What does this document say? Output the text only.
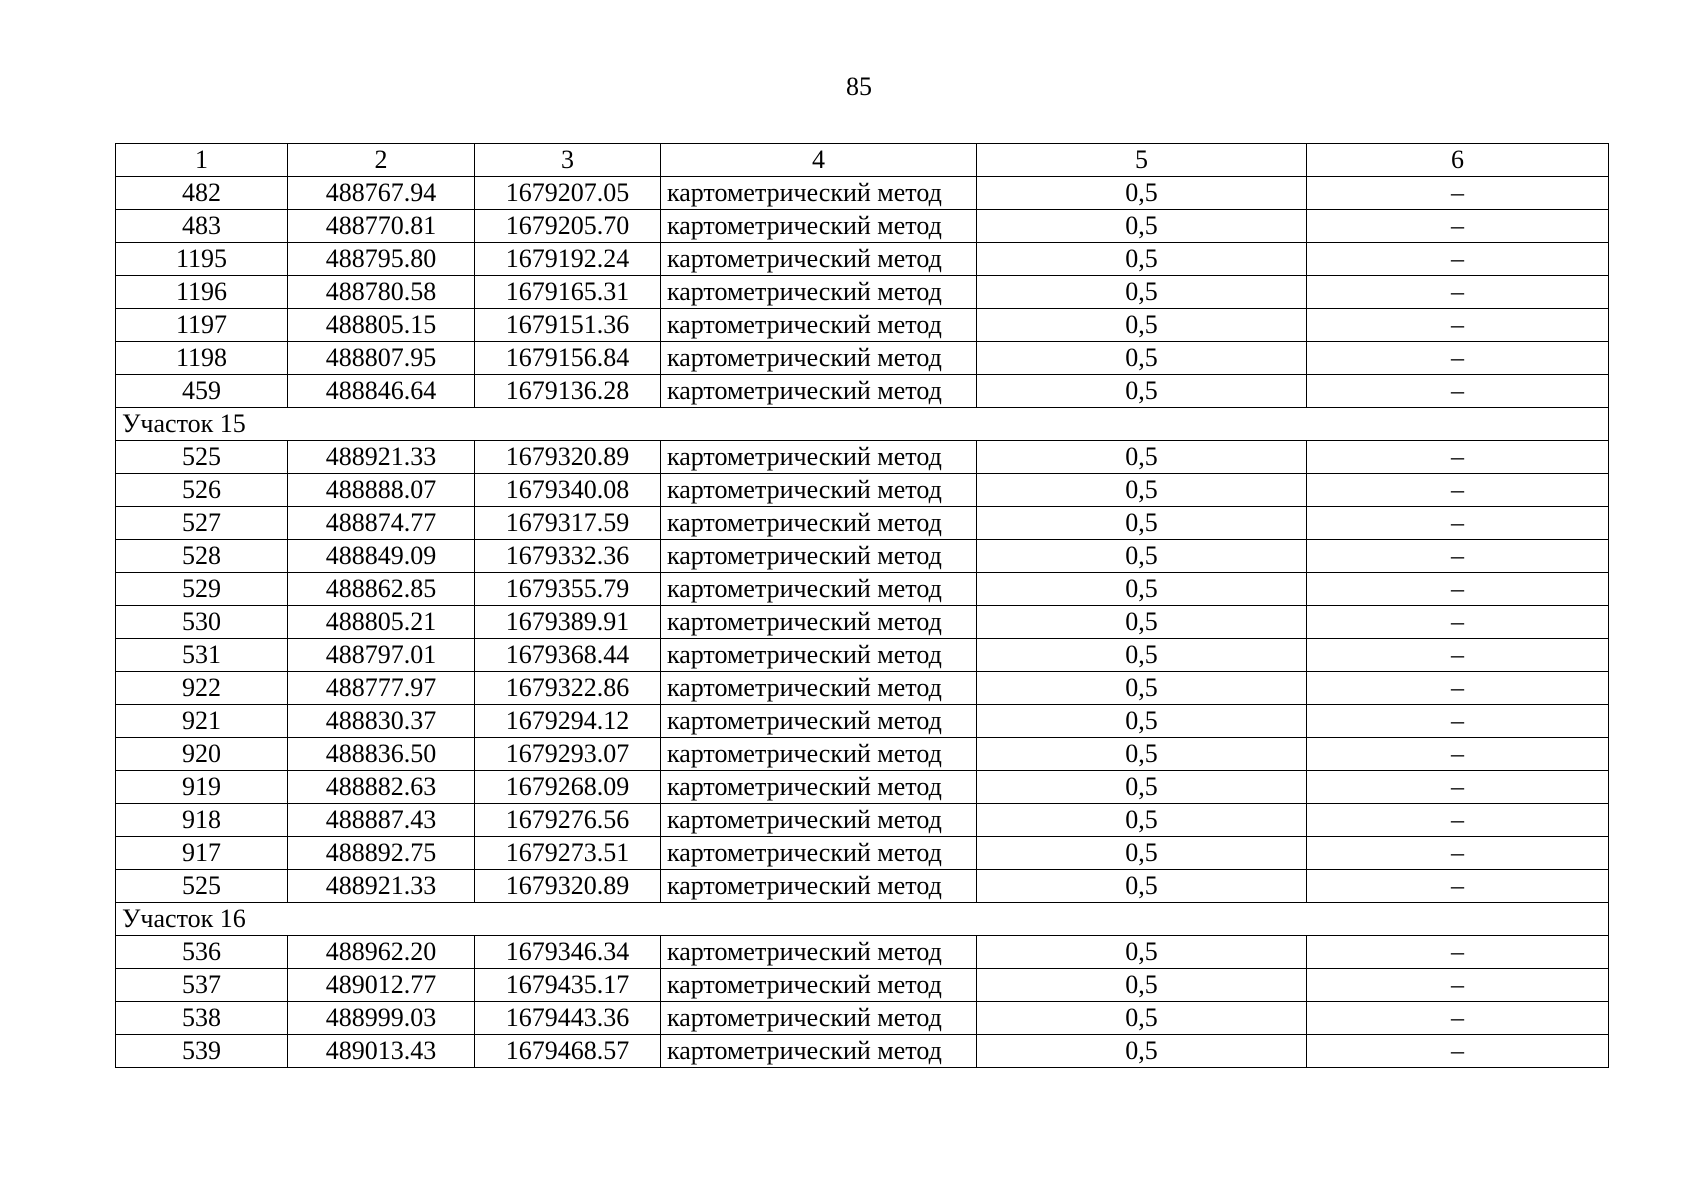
85
1	2	3	4	5	6
482	488767.94	1679207.05	картометрический метод	0,5	–
483	488770.81	1679205.70	картометрический метод	0,5	–
1195	488795.80	1679192.24	картометрический метод	0,5	–
1196	488780.58	1679165.31	картометрический метод	0,5	–
1197	488805.15	1679151.36	картометрический метод	0,5	–
1198	488807.95	1679156.84	картометрический метод	0,5	–
459	488846.64	1679136.28	картометрический метод	0,5	–
Участок 15					
525	488921.33	1679320.89	картометрический метод	0,5	–
526	488888.07	1679340.08	картометрический метод	0,5	–
527	488874.77	1679317.59	картометрический метод	0,5	–
528	488849.09	1679332.36	картометрический метод	0,5	–
529	488862.85	1679355.79	картометрический метод	0,5	–
530	488805.21	1679389.91	картометрический метод	0,5	–
531	488797.01	1679368.44	картометрический метод	0,5	–
922	488777.97	1679322.86	картометрический метод	0,5	–
921	488830.37	1679294.12	картометрический метод	0,5	–
920	488836.50	1679293.07	картометрический метод	0,5	–
919	488882.63	1679268.09	картометрический метод	0,5	–
918	488887.43	1679276.56	картометрический метод	0,5	–
917	488892.75	1679273.51	картометрический метод	0,5	–
525	488921.33	1679320.89	картометрический метод	0,5	–
Участок 16					
536	488962.20	1679346.34	картометрический метод	0,5	–
537	489012.77	1679435.17	картометрический метод	0,5	–
538	488999.03	1679443.36	картометрический метод	0,5	–
539	489013.43	1679468.57	картометрический метод	0,5	–
